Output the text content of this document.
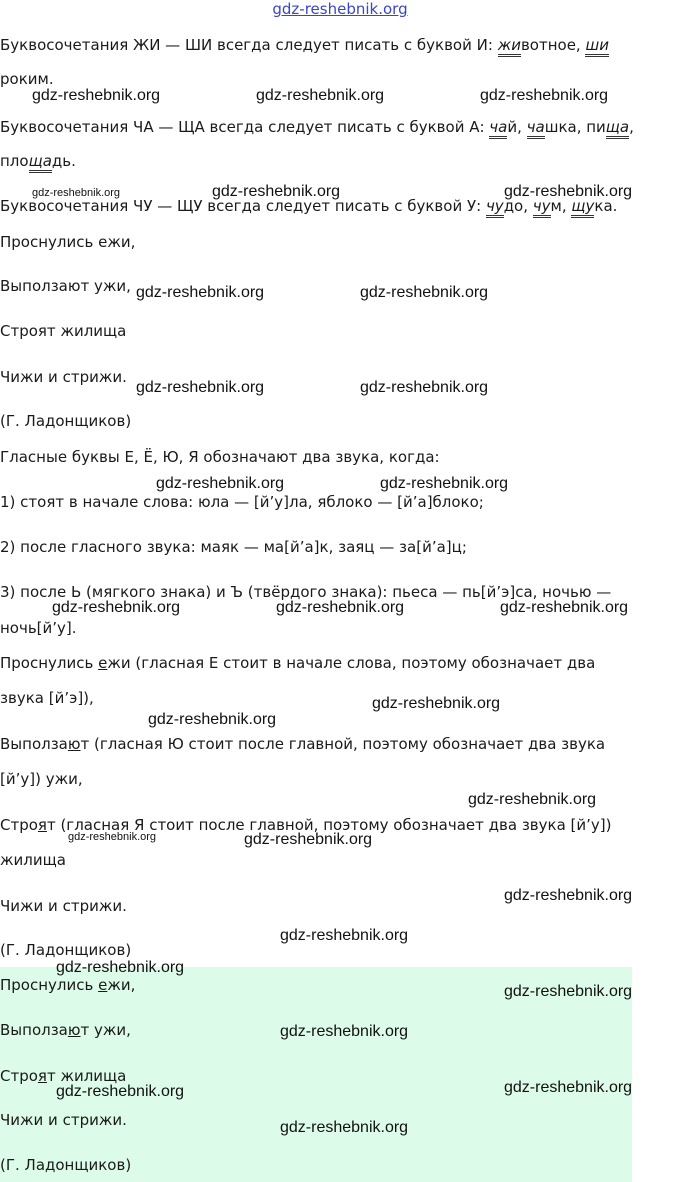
gdz-reshebnik.org
Буквосочетания ЖИ — ШИ всегда следует писать с буквой И: животное, ши
роким.
Буквосочетания ЧА — ЩА всегда следует писать с буквой А: чай, чашка, пища,
площадь.
Буквосочетания ЧУ — ЩУ всегда следует писать с буквой У: чудо, чум, щука.
Проснулись ежи,
Выползают ужи,
Строят жилища
Чижи и стрижи.
(Г. Ладонщиков)
Гласные буквы Е, Ё, Ю, Я обозначают два звука, когда:
1) стоят в начале слова: юла — [й’у]ла, яблоко — [й’а]блоко;
2) после гласного звука: маяк — ма[й’а]к, заяц — за[й’а]ц;
3) после Ь (мягкого знака) и Ъ (твёрдого знака): пьеса — пь[й’э]са, ночью —
ночь[й’у].
Проснулись ежи (гласная Е стоит в начале слова, поэтому обозначает два
звука [й’э]),
Выползают (гласная Ю стоит после главной, поэтому обозначает два звука
[й’у]) ужи,
Строят (гласная Я стоит после главной, поэтому обозначает два звука [й’у])
жилища
Чижи и стрижи.
(Г. Ладонщиков)
Проснулись ежи,
Выползают ужи,
Строят жилища
Чижи и стрижи.
(Г. Ладонщиков)
gdz-reshebnik.org	gdz-reshebnik.org	gdz-reshebnik.org
gdz-reshebnik.org	gdz-reshebnik.org	gdz-reshebnik.org
gdz-reshebnik.org	gdz-reshebnik.org
gdz-reshebnik.org	gdz-reshebnik.org
gdz-reshebnik.org	gdz-reshebnik.org
gdz-reshebnik.org	gdz-reshebnik.org	gdz-reshebnik.org
gdz-reshebnik.org
gdz-reshebnik.org
gdz-reshebnik.org
gdz-reshebnik.org	gdz-reshebnik.org
gdz-reshebnik.org
gdz-reshebnik.org
gdz-reshebnik.org
gdz-reshebnik.org
gdz-reshebnik.org
gdz-reshebnik.org	gdz-reshebnik.org
gdz-reshebnik.org
